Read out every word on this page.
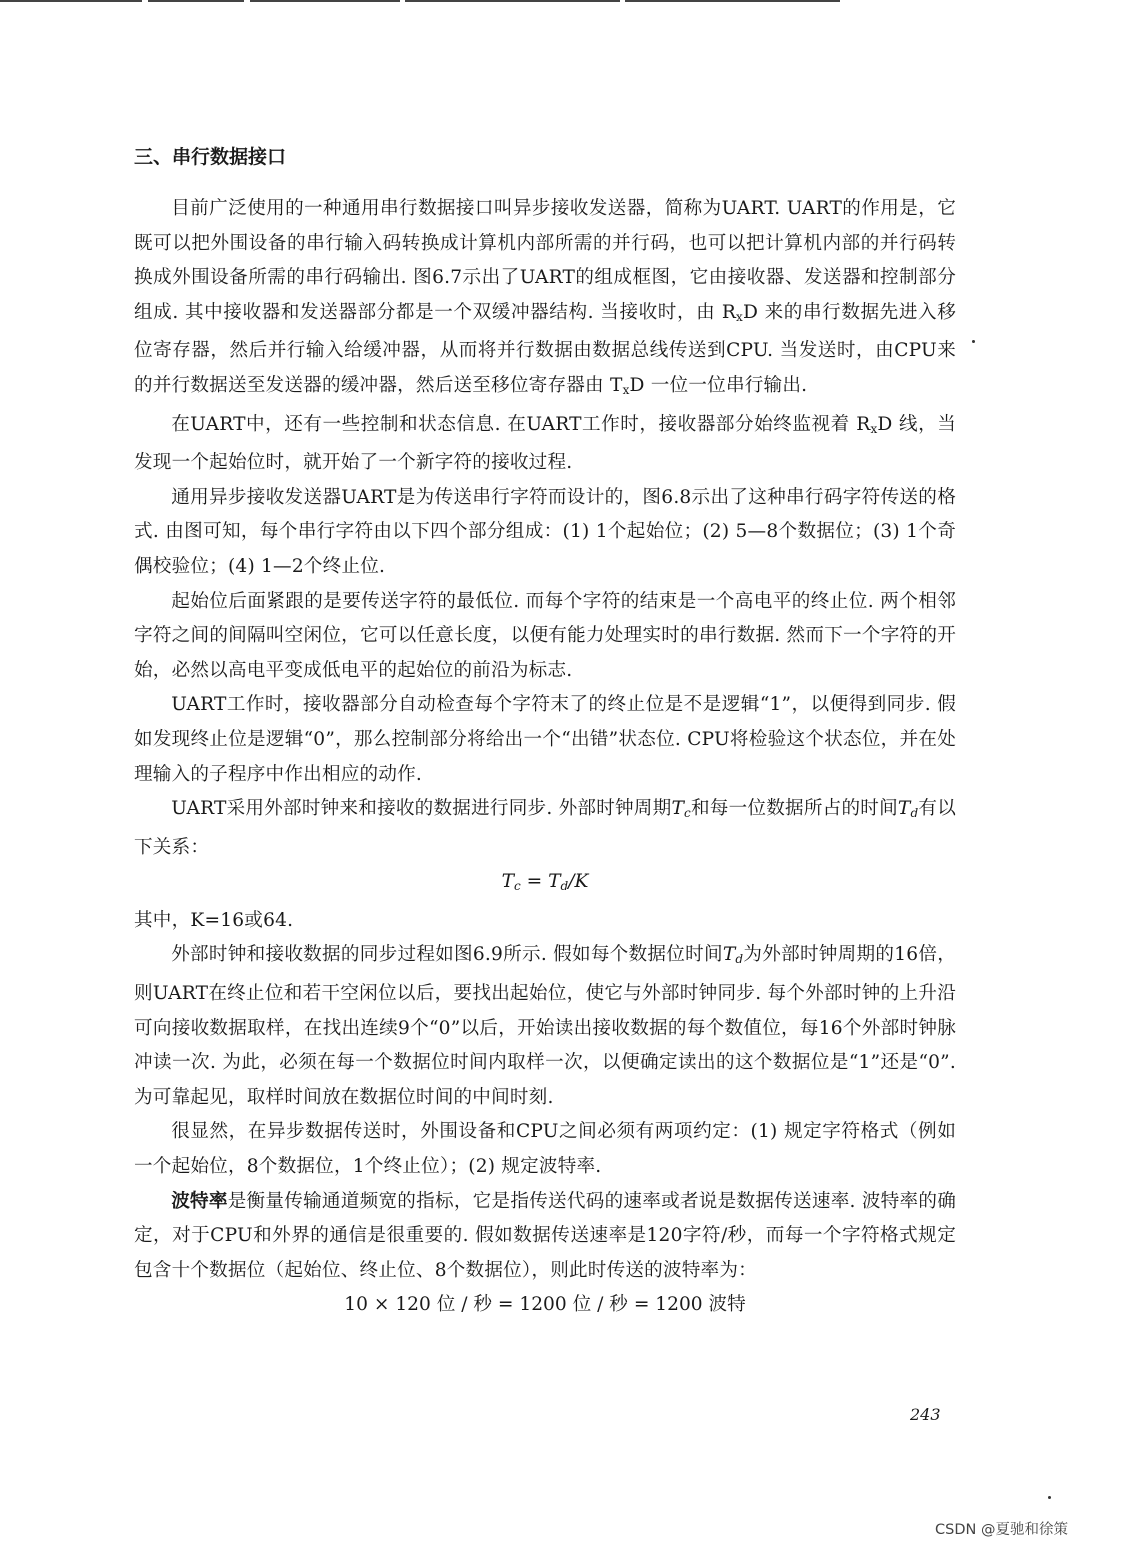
三、串行数据接口

目前广泛使用的一种通用串行数据接口叫异步接收发送器，简称为UART. UART的作用是，它既可以把外围设备的串行输入码转换成计算机内部所需的并行码，也可以把计算机内部的并行码转换成外围设备所需的串行码输出. 图6.7示出了UART的组成框图，它由接收器、发送器和控制部分组成. 其中接收器和发送器部分都是一个双缓冲器结构. 当接收时，由 $R_xD$ 来的串行数据先进入移位寄存器，然后并行输入给缓冲器，从而将并行数据由数据总线传送到CPU. 当发送时，由CPU来的并行数据送至发送器的缓冲器，然后送至移位寄存器由 $T_xD$ 一位一位串行输出.

在UART中，还有一些控制和状态信息. 在UART工作时，接收器部分始终监视着 $R_xD$ 线，当发现一个起始位时，就开始了一个新字符的接收过程.

通用异步接收发送器UART是为传送串行字符而设计的，图6.8示出了这种串行码字符传送的格式. 由图可知，每个串行字符由以下四个部分组成：(1) 1个起始位；(2) 5—8个数据位；(3) 1个奇偶校验位；(4) 1—2个终止位.

起始位后面紧跟的是要传送字符的最低位. 而每个字符的结束是一个高电平的终止位. 两个相邻字符之间的间隔叫空闲位，它可以任意长度，以便有能力处理实时的串行数据. 然而下一个字符的开始，必然以高电平变成低电平的起始位的前沿为标志.

UART工作时，接收器部分自动检查每个字符末了的终止位是不是逻辑“1”，以便得到同步. 假如发现终止位是逻辑“0”，那么控制部分将给出一个“出错”状态位. CPU将检验这个状态位，并在处理输入的子程序中作出相应的动作.

UART采用外部时钟来和接收的数据进行同步. 外部时钟周期$T_c$和每一位数据所占的时间$T_d$有以下关系：

$T_c = T_d/K$

其中，K=16或64.

外部时钟和接收数据的同步过程如图6.9所示. 假如每个数据位时间$T_d$为外部时钟周期的16倍，则UART在终止位和若干空闲位以后，要找出起始位，使它与外部时钟同步. 每个外部时钟的上升沿可向接收数据取样，在找出连续9个“0”以后，开始读出接收数据的每个数值位，每16个外部时钟脉冲读一次. 为此，必须在每一个数据位时间内取样一次，以便确定读出的这个数据位是“1”还是“0”. 为可靠起见，取样时间放在数据位时间的中间时刻.

很显然，在异步数据传送时，外围设备和CPU之间必须有两项约定：(1) 规定字符格式（例如一个起始位，8个数据位，1个终止位）；(2) 规定波特率.

波特率是衡量传输通道频宽的指标，它是指传送代码的速率或者说是数据传送速率. 波特率的确定，对于CPU和外界的通信是很重要的. 假如数据传送速率是120字符/秒，而每一个字符格式规定包含十个数据位（起始位、终止位、8个数据位），则此时传送的波特率为：

10 × 120 位 / 秒 = 1200 位 / 秒 = 1200 波特

243
CSDN @夏驰和徐策
